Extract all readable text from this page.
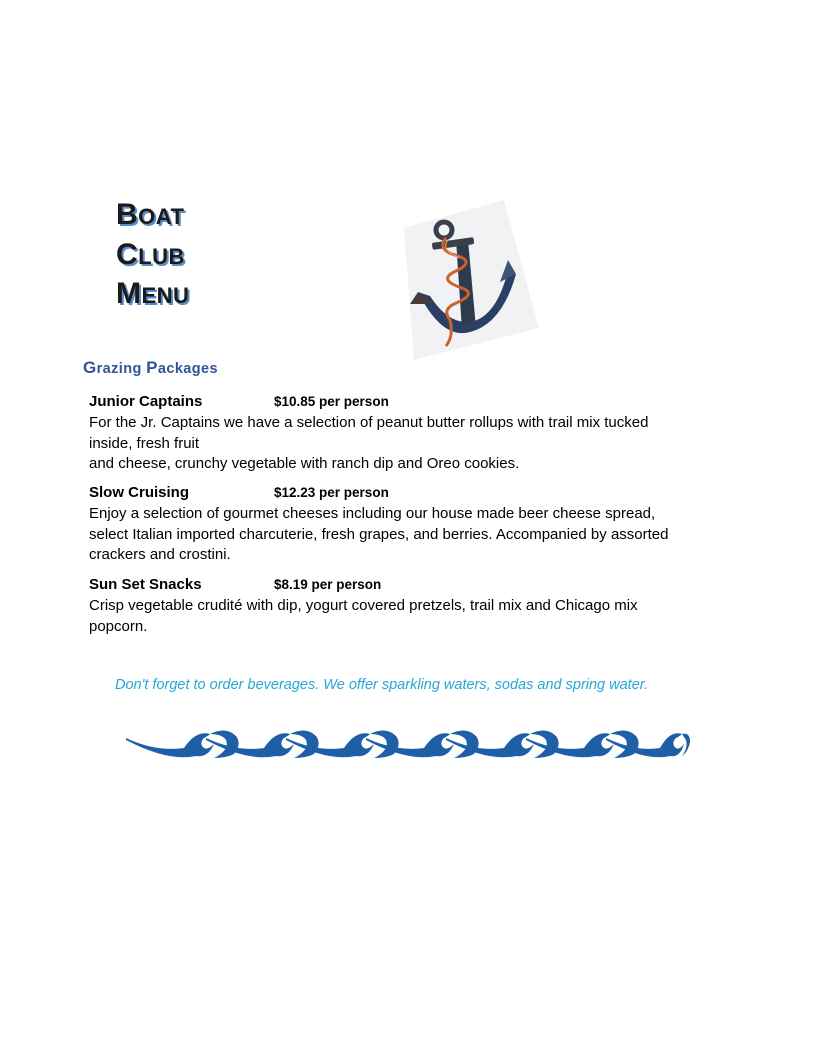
BOAT
CLUB
MENU
Grazing Packages
Junior Captains	$10.85 per person
For the Jr. Captains we have a selection of peanut butter rollups with trail mix tucked
inside, fresh fruit
and cheese, crunchy vegetable with ranch dip and Oreo cookies.
Slow Cruising	$12.23 per person
Enjoy a selection of gourmet cheeses including our house made beer cheese spread,
select Italian imported charcuterie, fresh grapes, and berries. Accompanied by assorted
crackers and crostini.
Sun Set Snacks	$8.19 per person
Crisp vegetable crudité with dip, yogurt covered pretzels, trail mix and Chicago mix
popcorn.
Don't forget to order beverages. We offer sparkling waters, sodas and spring water.
